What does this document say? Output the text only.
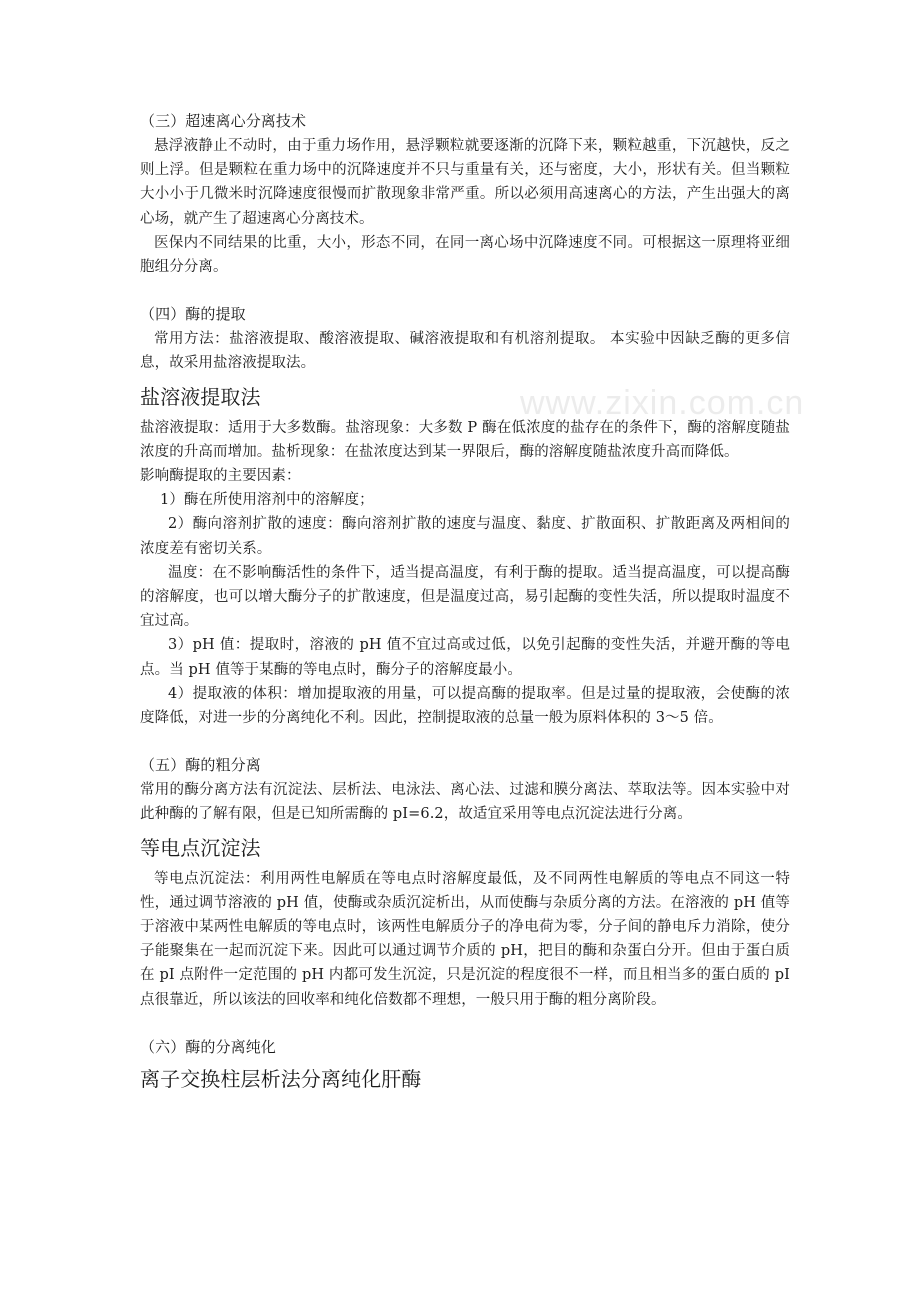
www.zixin.com.cn

（三）超速离心分离技术

悬浮液静止不动时，由于重力场作用，悬浮颗粒就要逐渐的沉降下来，颗粒越重，下沉越快，反之则上浮。但是颗粒在重力场中的沉降速度并不只与重量有关，还与密度，大小，形状有关。但当颗粒大小小于几微米时沉降速度很慢而扩散现象非常严重。所以必须用高速离心的方法，产生出强大的离心场，就产生了超速离心分离技术。

医保内不同结果的比重，大小，形态不同，在同一离心场中沉降速度不同。可根据这一原理将亚细胞组分分离。

（四）酶的提取

常用方法：盐溶液提取、酸溶液提取、碱溶液提取和有机溶剂提取。 本实验中因缺乏酶的更多信息，故采用盐溶液提取法。

盐溶液提取法

盐溶液提取：适用于大多数酶。盐溶现象：大多数 P 酶在低浓度的盐存在的条件下，酶的溶解度随盐浓度的升高而增加。盐析现象：在盐浓度达到某一界限后，酶的溶解度随盐浓度升高而降低。

影响酶提取的主要因素：

1）酶在所使用溶剂中的溶解度；

2）酶向溶剂扩散的速度：酶向溶剂扩散的速度与温度、黏度、扩散面积、扩散距离及两相间的浓度差有密切关系。

温度：在不影响酶活性的条件下，适当提高温度，有利于酶的提取。适当提高温度，可以提高酶的溶解度，也可以增大酶分子的扩散速度，但是温度过高，易引起酶的变性失活，所以提取时温度不宜过高。

3）pH 值：提取时，溶液的 pH 值不宜过高或过低，以免引起酶的变性失活，并避开酶的等电点。当 pH 值等于某酶的等电点时，酶分子的溶解度最小。

4）提取液的体积：增加提取液的用量，可以提高酶的提取率。但是过量的提取液，会使酶的浓度降低，对进一步的分离纯化不利。因此，控制提取液的总量一般为原料体积的 3～5 倍。

（五）酶的粗分离

常用的酶分离方法有沉淀法、层析法、电泳法、离心法、过滤和膜分离法、萃取法等。因本实验中对此种酶的了解有限，但是已知所需酶的 pI=6.2，故适宜采用等电点沉淀法进行分离。

等电点沉淀法

等电点沉淀法：利用两性电解质在等电点时溶解度最低，及不同两性电解质的等电点不同这一特性，通过调节溶液的 pH 值，使酶或杂质沉淀析出，从而使酶与杂质分离的方法。在溶液的 pH 值等于溶液中某两性电解质的等电点时，该两性电解质分子的净电荷为零，分子间的静电斥力消除，使分子能聚集在一起而沉淀下来。因此可以通过调节介质的 pH，把目的酶和杂蛋白分开。但由于蛋白质在 pI 点附件一定范围的 pH 内都可发生沉淀，只是沉淀的程度很不一样，而且相当多的蛋白质的 pI 点很靠近，所以该法的回收率和纯化倍数都不理想，一般只用于酶的粗分离阶段。

（六）酶的分离纯化

离子交换柱层析法分离纯化肝酶
